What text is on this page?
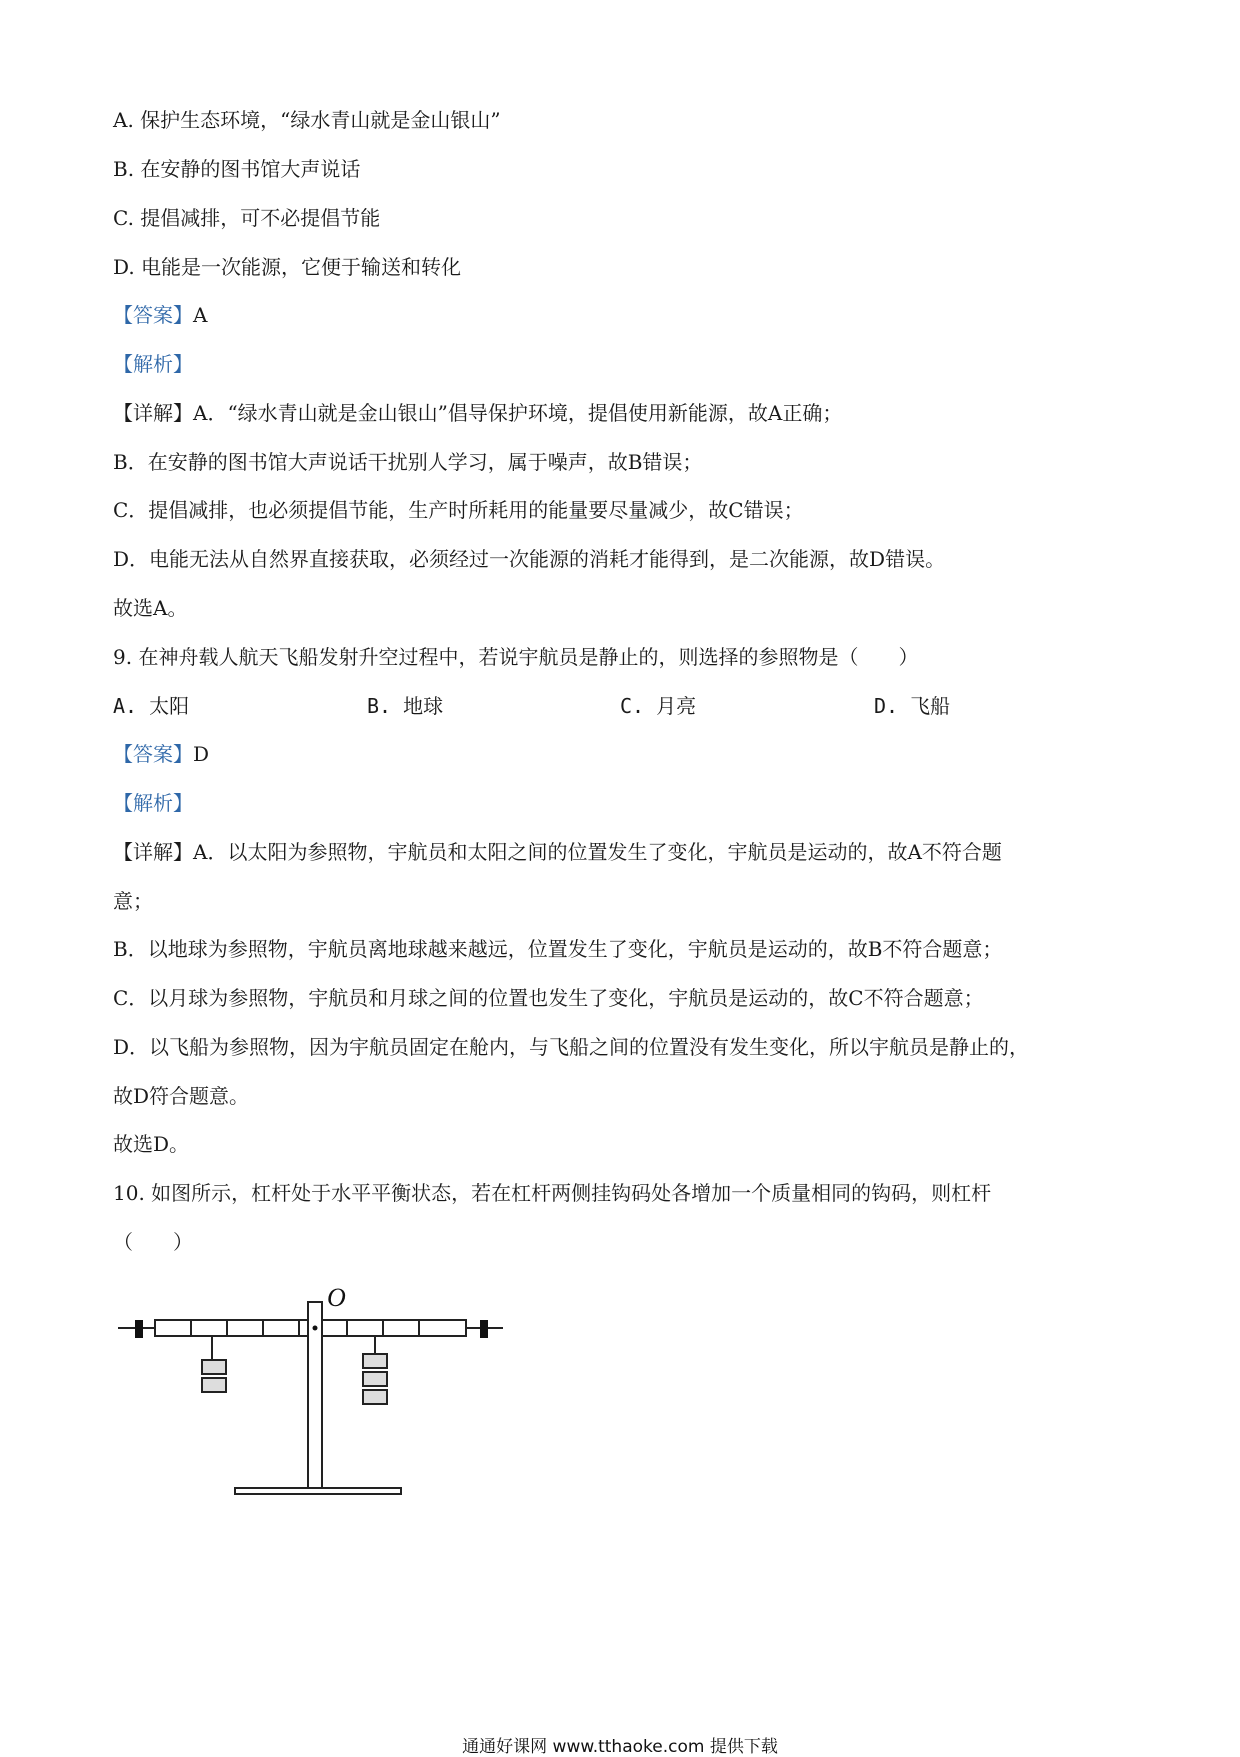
A. 保护生态环境，“绿水青山就是金山银山”
B. 在安静的图书馆大声说话
C. 提倡减排，可不必提倡节能
D. 电能是一次能源，它便于输送和转化
【答案】A
【解析】
【详解】A．“绿水青山就是金山银山”倡导保护环境，提倡使用新能源，故A正确；
B．在安静的图书馆大声说话干扰别人学习，属于噪声，故B错误；
C．提倡减排，也必须提倡节能，生产时所耗用的能量要尽量减少，故C错误；
D．电能无法从自然界直接获取，必须经过一次能源的消耗才能得到，是二次能源，故D错误。
故选A。
9. 在神舟载人航天飞船发射升空过程中，若说宇航员是静止的，则选择的参照物是（　　）
A. 太阳	B. 地球	C. 月亮	D. 飞船
【答案】D
【解析】
【详解】A．以太阳为参照物，宇航员和太阳之间的位置发生了变化，宇航员是运动的，故A不符合题
意；
B．以地球为参照物，宇航员离地球越来越远，位置发生了变化，宇航员是运动的，故B不符合题意；
C．以月球为参照物，宇航员和月球之间的位置也发生了变化，宇航员是运动的，故C不符合题意；
D．以飞船为参照物，因为宇航员固定在舱内，与飞船之间的位置没有发生变化，所以宇航员是静止的，
故D符合题意。
故选D。
10. 如图所示，杠杆处于水平平衡状态，若在杠杆两侧挂钩码处各增加一个质量相同的钩码，则杠杆
（　　）
O
通通好课网 www.tthaoke.com 提供下载
